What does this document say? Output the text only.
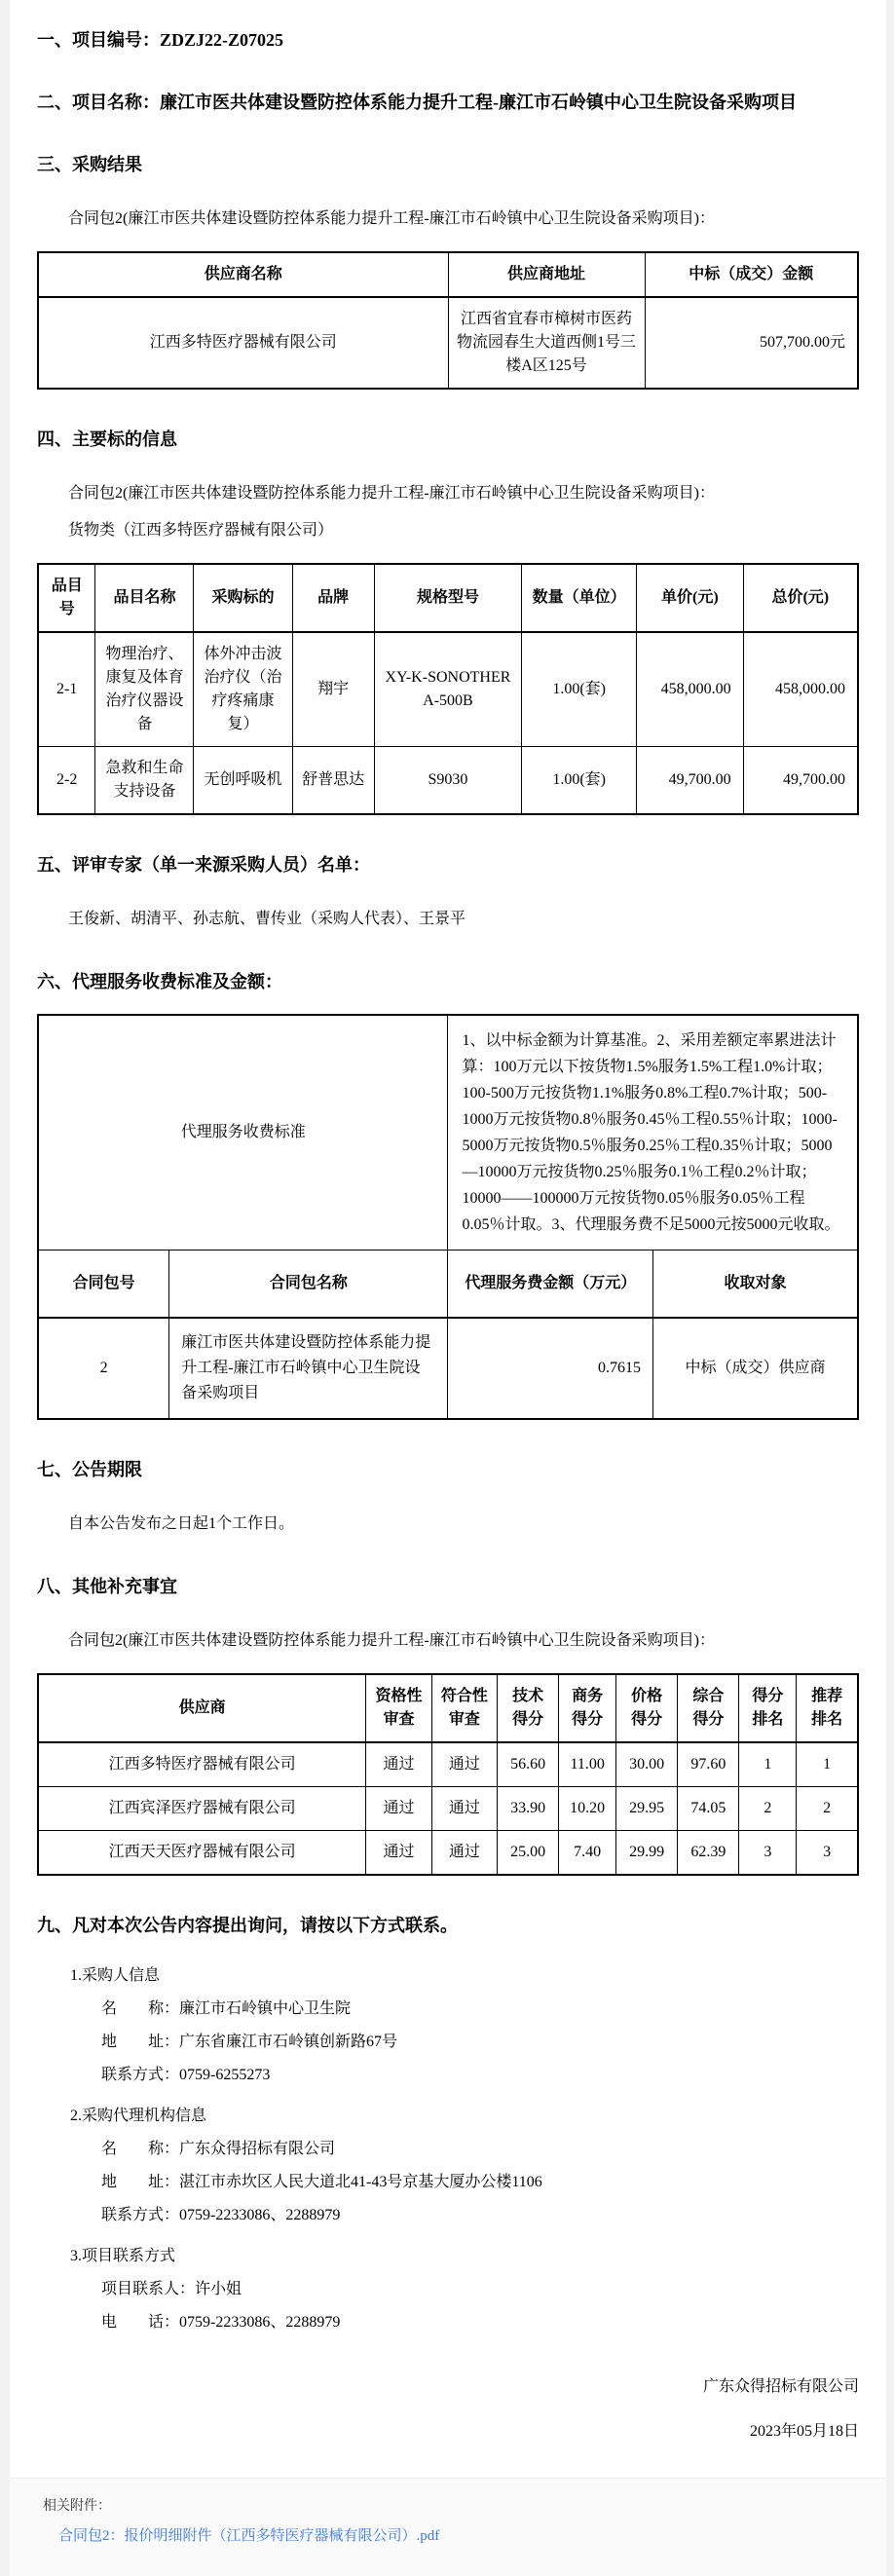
一、项目编号：ZDZJ22-Z07025
二、项目名称：廉江市医共体建设暨防控体系能力提升工程-廉江市石岭镇中心卫生院设备采购项目
三、采购结果
合同包2(廉江市医共体建设暨防控体系能力提升工程-廉江市石岭镇中心卫生院设备采购项目)：
供应商名称	供应商地址	中标（成交）金额
江西多特医疗器械有限公司	江西省宜春市樟树市医药物流园春生大道西侧1号三楼A区125号	507,700.00元
四、主要标的信息
合同包2(廉江市医共体建设暨防控体系能力提升工程-廉江市石岭镇中心卫生院设备采购项目)：
货物类（江西多特医疗器械有限公司）
品目号	品目名称	采购标的	品牌	规格型号	数量（单位）	单价(元)	总价(元)
2-1	物理治疗、康复及体育治疗仪器设备	体外冲击波治疗仪（治疗疼痛康复）	翔宇	XY-K-SONOTHERA-500B	1.00(套)	458,000.00	458,000.00
2-2	急救和生命支持设备	无创呼吸机	舒普思达	S9030	1.00(套)	49,700.00	49,700.00
五、评审专家（单一来源采购人员）名单：
王俊新、胡清平、孙志航、曹传业（采购人代表）、王景平
六、代理服务收费标准及金额：
代理服务收费标准		1、以中标金额为计算基准。2、采用差额定率累进法计算：100万元以下按货物1.5%服务1.5%工程1.0%计取；100-500万元按货物1.1%服务0.8%工程0.7%计取；500-1000万元按货物0.8％服务0.45％工程0.55％计取；1000-5000万元按货物0.5％服务0.25％工程0.35％计取；5000—10000万元按货物0.25％服务0.1％工程0.2％计取；10000——100000万元按货物0.05％服务0.05％工程0.05％计取。3、代理服务费不足5000元按5000元收取。	
合同包号	合同包名称	代理服务费金额（万元）	收取对象
2	廉江市医共体建设暨防控体系能力提升工程-廉江市石岭镇中心卫生院设备采购项目	0.7615	中标（成交）供应商
七、公告期限
自本公告发布之日起1个工作日。
八、其他补充事宜
合同包2(廉江市医共体建设暨防控体系能力提升工程-廉江市石岭镇中心卫生院设备采购项目)：
供应商	资格性审查	符合性审查	技术得分	商务得分	价格得分	综合得分	得分排名	推荐排名
江西多特医疗器械有限公司	通过	通过	56.60	11.00	30.00	97.60	1	1
江西宾泽医疗器械有限公司	通过	通过	33.90	10.20	29.95	74.05	2	2
江西天天医疗器械有限公司	通过	通过	25.00	7.40	29.99	62.39	3	3
九、凡对本次公告内容提出询问，请按以下方式联系。
1.采购人信息
名　　称：廉江市石岭镇中心卫生院
地　　址：广东省廉江市石岭镇创新路67号
联系方式：0759-6255273
2.采购代理机构信息
名　　称：广东众得招标有限公司
地　　址：湛江市赤坎区人民大道北41-43号京基大厦办公楼1106
联系方式：0759-2233086、2288979
3.项目联系方式
项目联系人：许小姐
电　　话：0759-2233086、2288979
广东众得招标有限公司
2023年05月18日
相关附件：
合同包2：报价明细附件（江西多特医疗器械有限公司）.pdf
